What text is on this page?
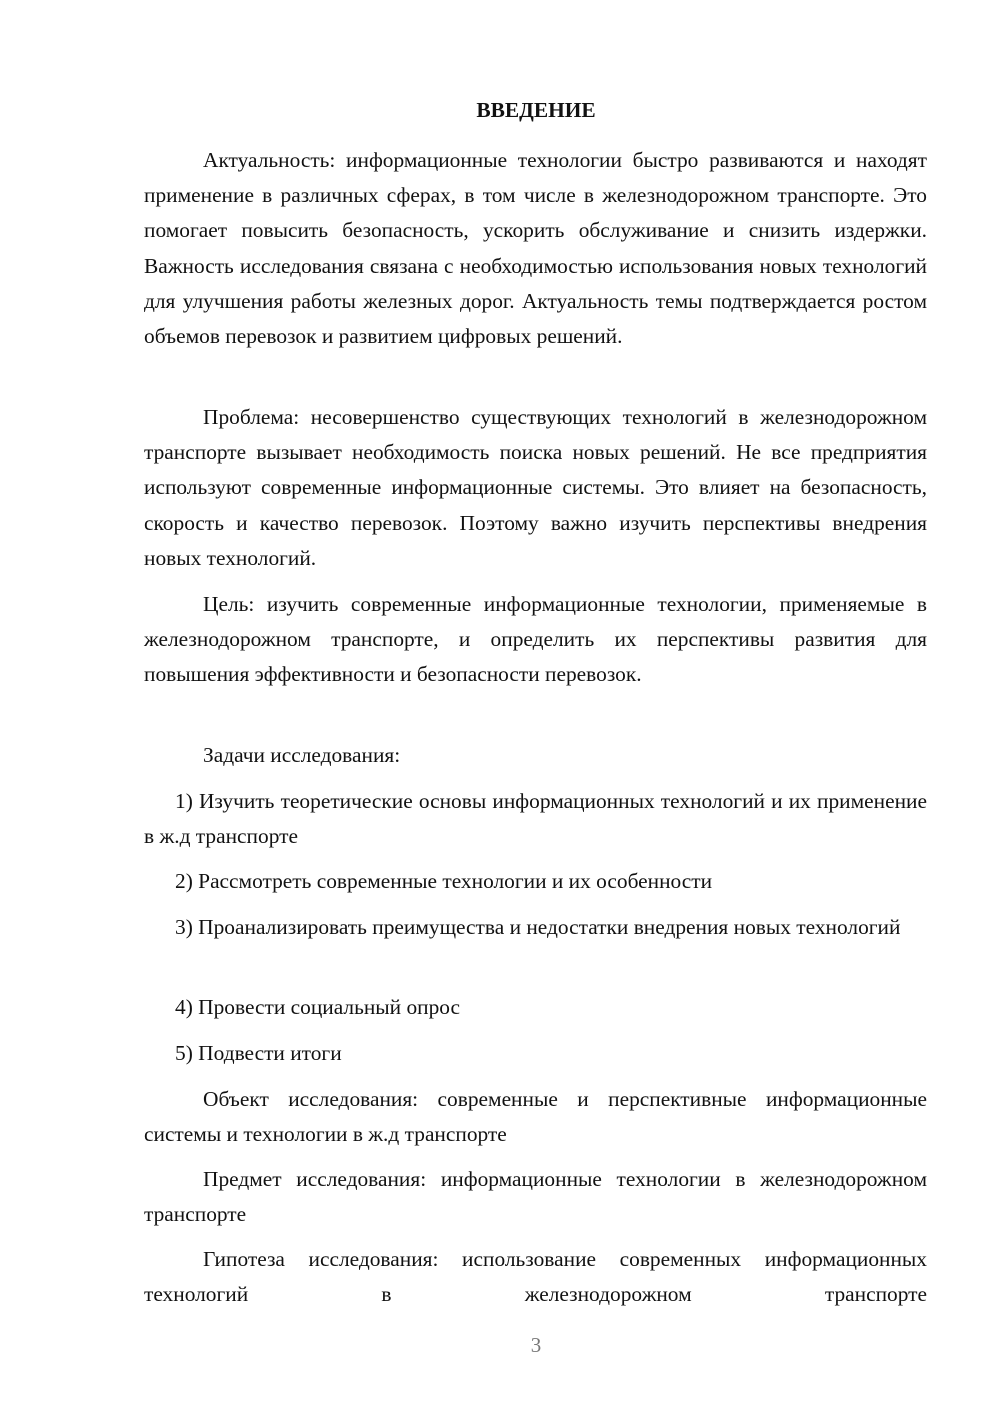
ВВЕДЕНИЕ
Актуальность: информационные технологии быстро развиваются и находят применение в различных сферах, в том числе в железнодорожном транспорте. Это помогает повысить безопасность, ускорить обслуживание и снизить издержки. Важность исследования связана с необходимостью использования новых технологий для улучшения работы железных дорог. Актуальность темы подтверждается ростом объемов перевозок и развитием цифровых решений.
Проблема: несовершенство существующих технологий в железнодорожном транспорте вызывает необходимость поиска новых решений. Не все предприятия используют современные информационные системы. Это влияет на безопасность, скорость и качество перевозок. Поэтому важно изучить перспективы внедрения новых технологий.
Цель: изучить современные информационные технологии, применяемые в железнодорожном транспорте, и определить их перспективы развития для повышения эффективности и безопасности перевозок.
Задачи исследования:
1) Изучить теоретические основы информационных технологий и их применение в ж.д транспорте
2) Рассмотреть современные технологии и их особенности
3) Проанализировать преимущества и недостатки внедрения новых технологий
4) Провести социальный опрос
5) Подвести итоги
Объект исследования: современные и перспективные информационные системы и технологии в ж.д транспорте
Предмет исследования: информационные технологии в железнодорожном транспорте
Гипотеза исследования: использование современных информационных технологий в железнодорожном транспорте
3
